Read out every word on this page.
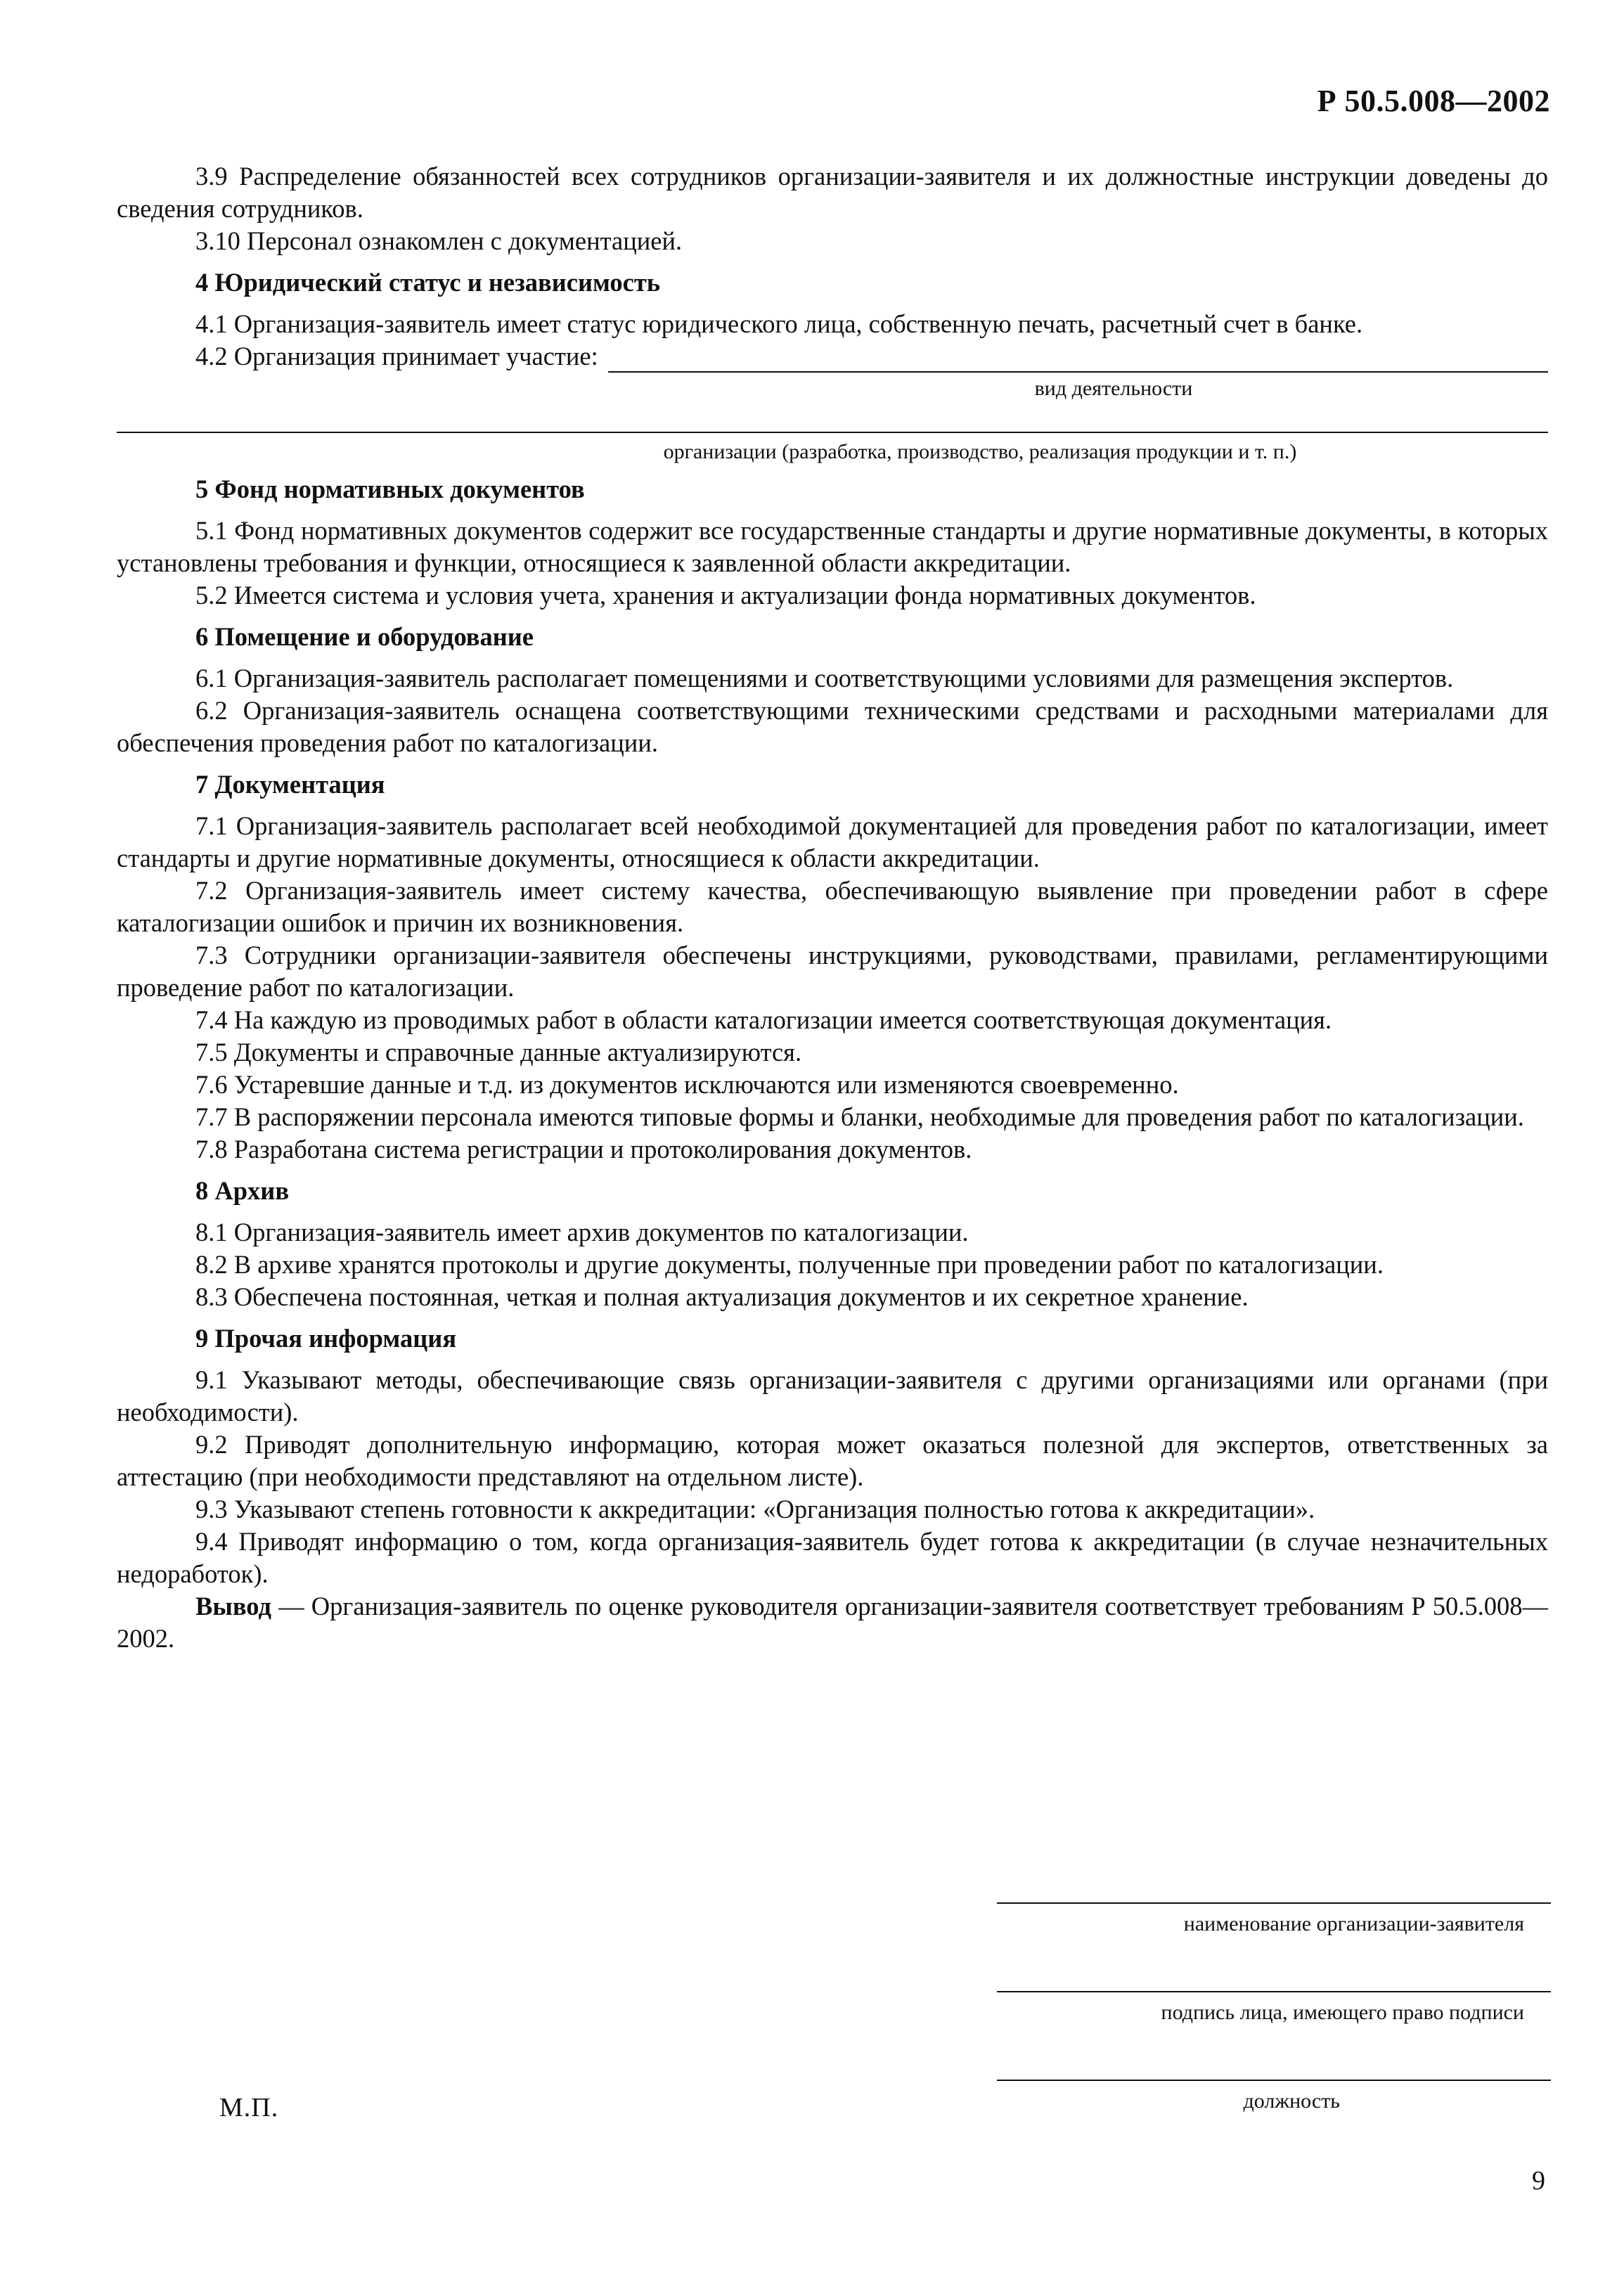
Р 50.5.008—2002

3.9 Распределение обязанностей всех сотрудников организации-заявителя и их должностные инструкции доведены до сведения сотрудников.

3.10 Персонал ознакомлен с документацией.

4 Юридический статус и независимость

4.1 Организация-заявитель имеет статус юридического лица, собственную печать, расчетный счет в банке.

4.2 Организация принимает участие:
вид деятельности
организации (разработка, производство, реализация продукции и т. п.)
5 Фонд нормативных документов

5.1 Фонд нормативных документов содержит все государственные стандарты и другие нормативные документы, в которых установлены требования и функции, относящиеся к заявленной области аккредитации.

5.2 Имеется система и условия учета, хранения и актуализации фонда нормативных документов.

6 Помещение и оборудование

6.1 Организация-заявитель располагает помещениями и соответствующими условиями для размещения экспертов.

6.2 Организация-заявитель оснащена соответствующими техническими средствами и расходными материалами для обеспечения проведения работ по каталогизации.

7 Документация

7.1 Организация-заявитель располагает всей необходимой документацией для проведения работ по каталогизации, имеет стандарты и другие нормативные документы, относящиеся к области аккредитации.

7.2 Организация-заявитель имеет систему качества, обеспечивающую выявление при проведении работ в сфере каталогизации ошибок и причин их возникновения.

7.3 Сотрудники организации-заявителя обеспечены инструкциями, руководствами, правилами, регламентирующими проведение работ по каталогизации.

7.4 На каждую из проводимых работ в области каталогизации имеется соответствующая документация.

7.5 Документы и справочные данные актуализируются.

7.6 Устаревшие данные и т.д. из документов исключаются или изменяются своевременно.

7.7 В распоряжении персонала имеются типовые формы и бланки, необходимые для проведения работ по каталогизации.

7.8 Разработана система регистрации и протоколирования документов.

8 Архив

8.1 Организация-заявитель имеет архив документов по каталогизации.

8.2 В архиве хранятся протоколы и другие документы, полученные при проведении работ по каталогизации.

8.3 Обеспечена постоянная, четкая и полная актуализация документов и их секретное хранение.

9 Прочая информация

9.1 Указывают методы, обеспечивающие связь организации-заявителя с другими организациями или органами (при необходимости).

9.2 Приводят дополнительную информацию, которая может оказаться полезной для экспертов, ответственных за аттестацию (при необходимости представляют на отдельном листе).

9.3 Указывают степень готовности к аккредитации: «Организация полностью готова к аккредитации».

9.4 Приводят информацию о том, когда организация-заявитель будет готова к аккредитации (в случае незначительных недоработок).

Вывод — Организация-заявитель по оценке руководителя организации-заявителя соответствует требованиям Р 50.5.008—2002.

наименование организации-заявителя
подпись лица, имеющего право подписи
должность
М.П.
9
